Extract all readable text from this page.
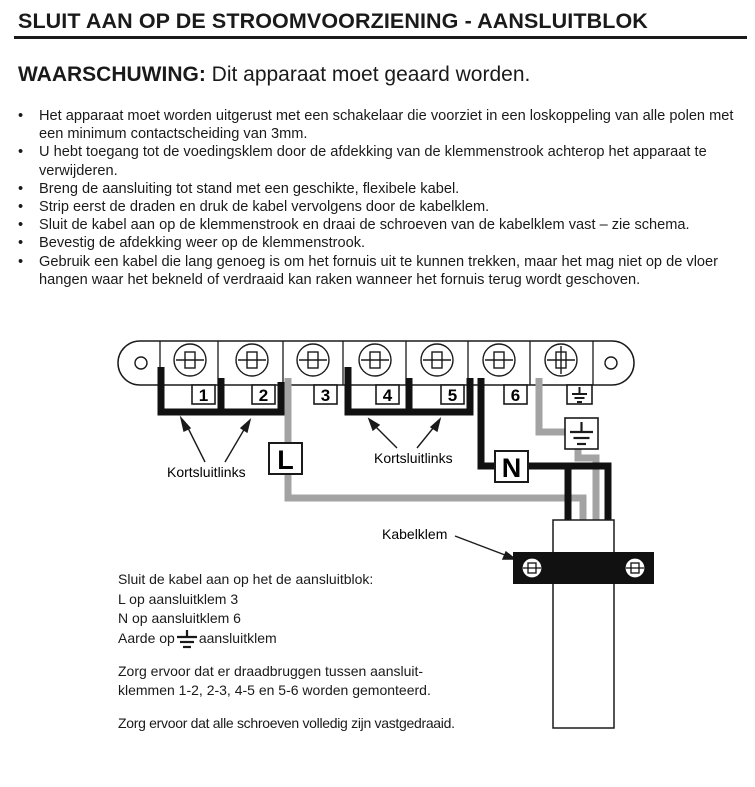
SLUIT AAN OP DE STROOMVOORZIENING - AANSLUITBLOK
WAARSCHUWING: Dit apparaat moet geaard worden.
• Het apparaat moet worden uitgerust met een schakelaar die voorziet in een loskoppeling van alle polen met een minimum contactscheiding van 3mm.
• U hebt toegang tot de voedingsklem door de afdekking van de klemmenstrook achterop het apparaat te verwijderen.
• Breng de aansluiting tot stand met een geschikte, flexibele kabel.
• Strip eerst de draden en druk de kabel vervolgens door de kabelklem.
• Sluit de kabel aan op de klemmenstrook en draai de schroeven van de kabelklem vast – zie schema.
• Bevestig de afdekking weer op de klemmenstrook.
• Gebruik een kabel die lang genoeg is om het fornuis uit te kunnen trekken, maar het mag niet op de vloer hangen waar het bekneld of verdraaid kan raken wanneer het fornuis terug wordt geschoven.
1	2	3	4	5	6
L	N
Kortsluitlinks
Kortsluitlinks
Kabelklem

Sluit de kabel aan op het de aansluitblok:

L op aansluitklem 3

N op aansluitklem 6

Aarde op aansluitklem

Zorg ervoor dat er draadbruggen tussen aansluit-

klemmen 1-2, 2-3, 4-5 en 5-6 worden gemonteerd.

Zorg ervoor dat alle schroeven volledig zijn vastgedraaid.
